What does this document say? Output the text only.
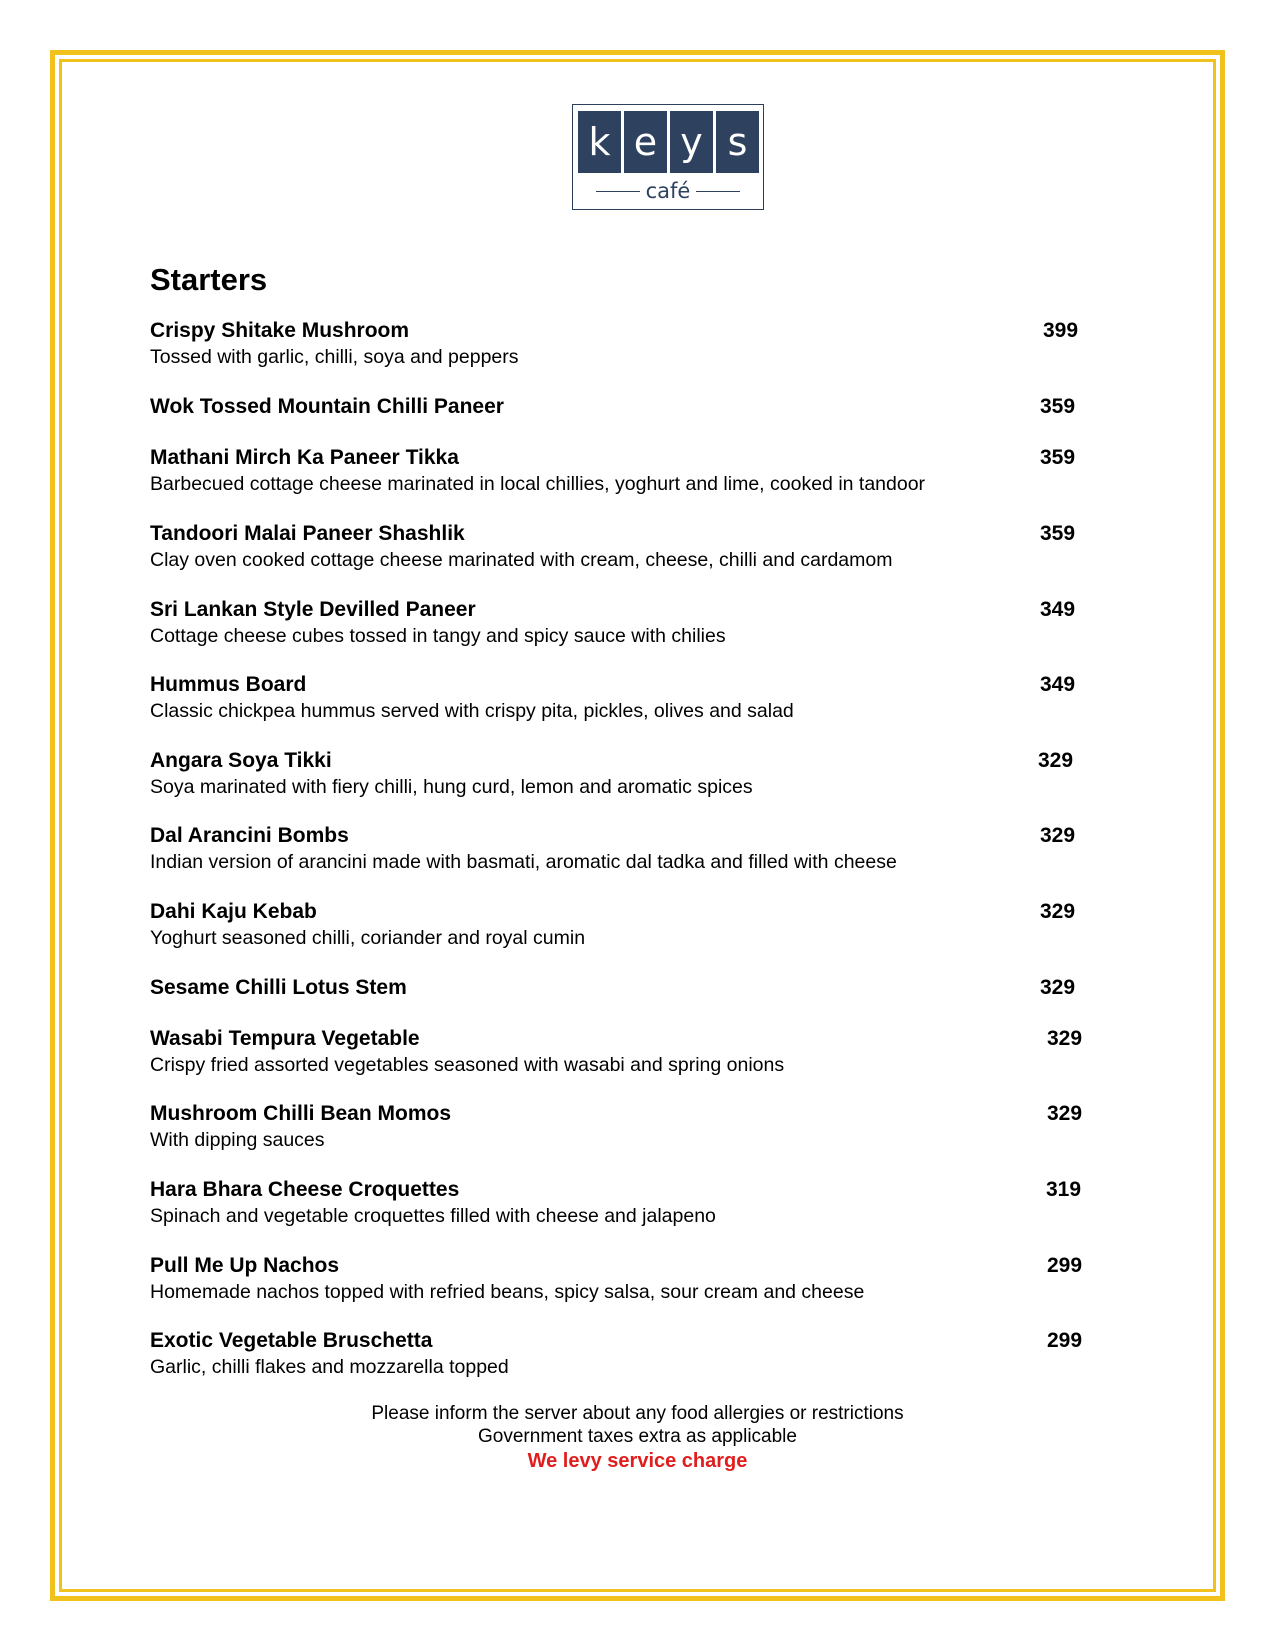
k e y s
café
Starters
Crispy Shitake Mushroom	399
Tossed with garlic, chilli, soya and peppers
Wok Tossed Mountain Chilli Paneer	359
Mathani Mirch Ka Paneer Tikka	359
Barbecued cottage cheese marinated in local chillies, yoghurt and lime, cooked in tandoor
Tandoori Malai Paneer Shashlik	359
Clay oven cooked cottage cheese marinated with cream, cheese, chilli and cardamom
Sri Lankan Style Devilled Paneer	349
Cottage cheese cubes tossed in tangy and spicy sauce with chilies
Hummus Board	349
Classic chickpea hummus served with crispy pita, pickles, olives and salad
Angara Soya Tikki	329
Soya marinated with fiery chilli, hung curd, lemon and aromatic spices
Dal Arancini Bombs	329
Indian version of arancini made with basmati, aromatic dal tadka and filled with cheese
Dahi Kaju Kebab	329
Yoghurt seasoned chilli, coriander and royal cumin
Sesame Chilli Lotus Stem	329
Wasabi Tempura Vegetable	329
Crispy fried assorted vegetables seasoned with wasabi and spring onions
Mushroom Chilli Bean Momos	329
With dipping sauces
Hara Bhara Cheese Croquettes	319
Spinach and vegetable croquettes filled with cheese and jalapeno
Pull Me Up Nachos	299
Homemade nachos topped with refried beans, spicy salsa, sour cream and cheese
Exotic Vegetable Bruschetta	299
Garlic, chilli flakes and mozzarella topped
Please inform the server about any food allergies or restrictions
Government taxes extra as applicable
We levy service charge
